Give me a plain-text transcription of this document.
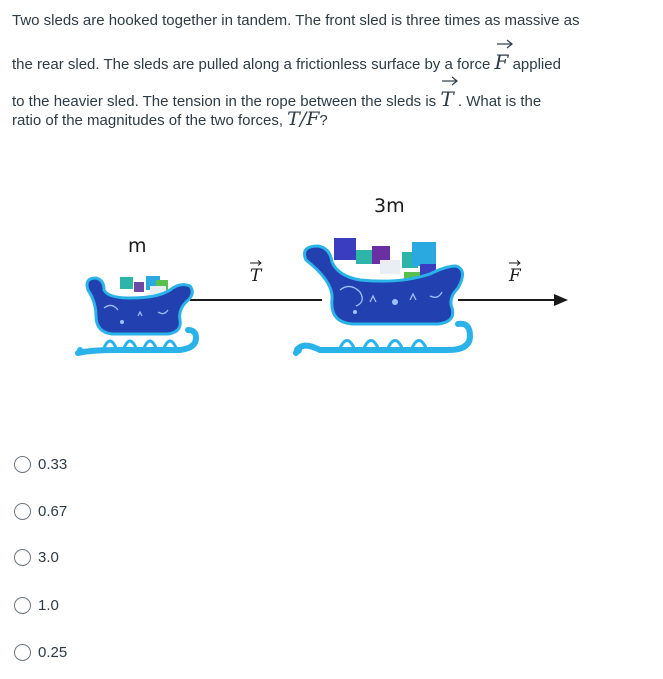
Two sleds are hooked together in tandem. The front sled is three times as massive as
the rear sled. The sleds are pulled along a frictionless surface by a force F applied
to the heavier sled. The tension in the rope between the sleds is T . What is the
ratio of the magnitudes of the two forces, T/F?
m
3m
T	F
0.33
0.67
3.0
1.0
0.25
